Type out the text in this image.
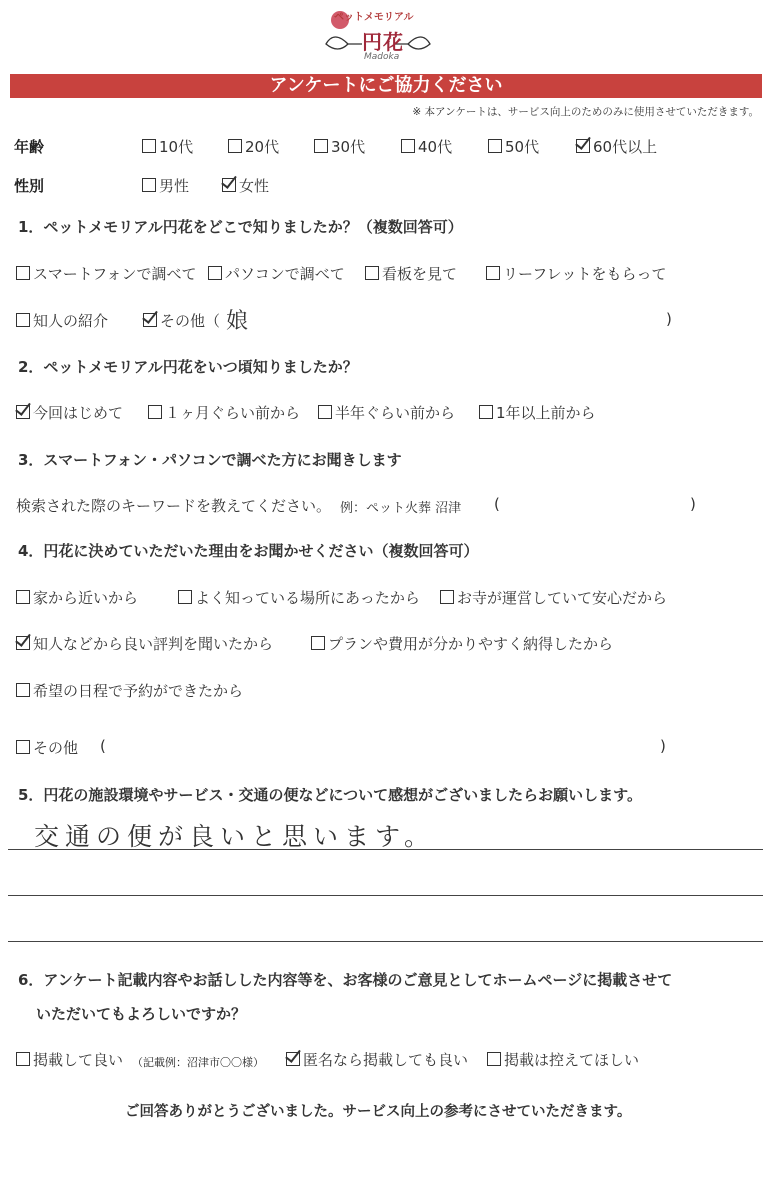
ペットメモリアル
円花
Madoka
アンケートにご協力ください
※ 本アンケートは、サービス向上のためのみに使用させていただきます。
年齢	10代	20代	30代	40代	50代	60代以上
性別	男性	女性
1．ペットメモリアル円花をどこで知りましたか？（複数回答可）
スマートフォンで調べて	パソコンで調べて	看板を見て	リーフレットをもらって
知人の紹介	その他（ 娘	)
2．ペットメモリアル円花をいつ頃知りましたか？
今回はじめて	１ヶ月ぐらい前から	半年ぐらい前から	1年以上前から
3．スマートフォン・パソコンで調べた方にお聞きします
検索された際のキーワードを教えてください。 例：ペット火葬 沼津 (	)
4．円花に決めていただいた理由をお聞かせください（複数回答可）
家から近いから	よく知っている場所にあったから	お寺が運営していて安心だから
知人などから良い評判を聞いたから	プランや費用が分かりやすく納得したから
希望の日程で予約ができたから
その他 (	)
5．円花の施設環境やサービス・交通の便などについて感想がございましたらお願いします。
交通の便が良いと思います。
6．アンケート記載内容やお話しした内容等を、お客様のご意見としてホームページに掲載させて
いただいてもよろしいですか？
掲載して良い （記載例：沼津市〇〇様）	匿名なら掲載しても良い	掲載は控えてほしい
ご回答ありがとうございました。サービス向上の参考にさせていただきます。
